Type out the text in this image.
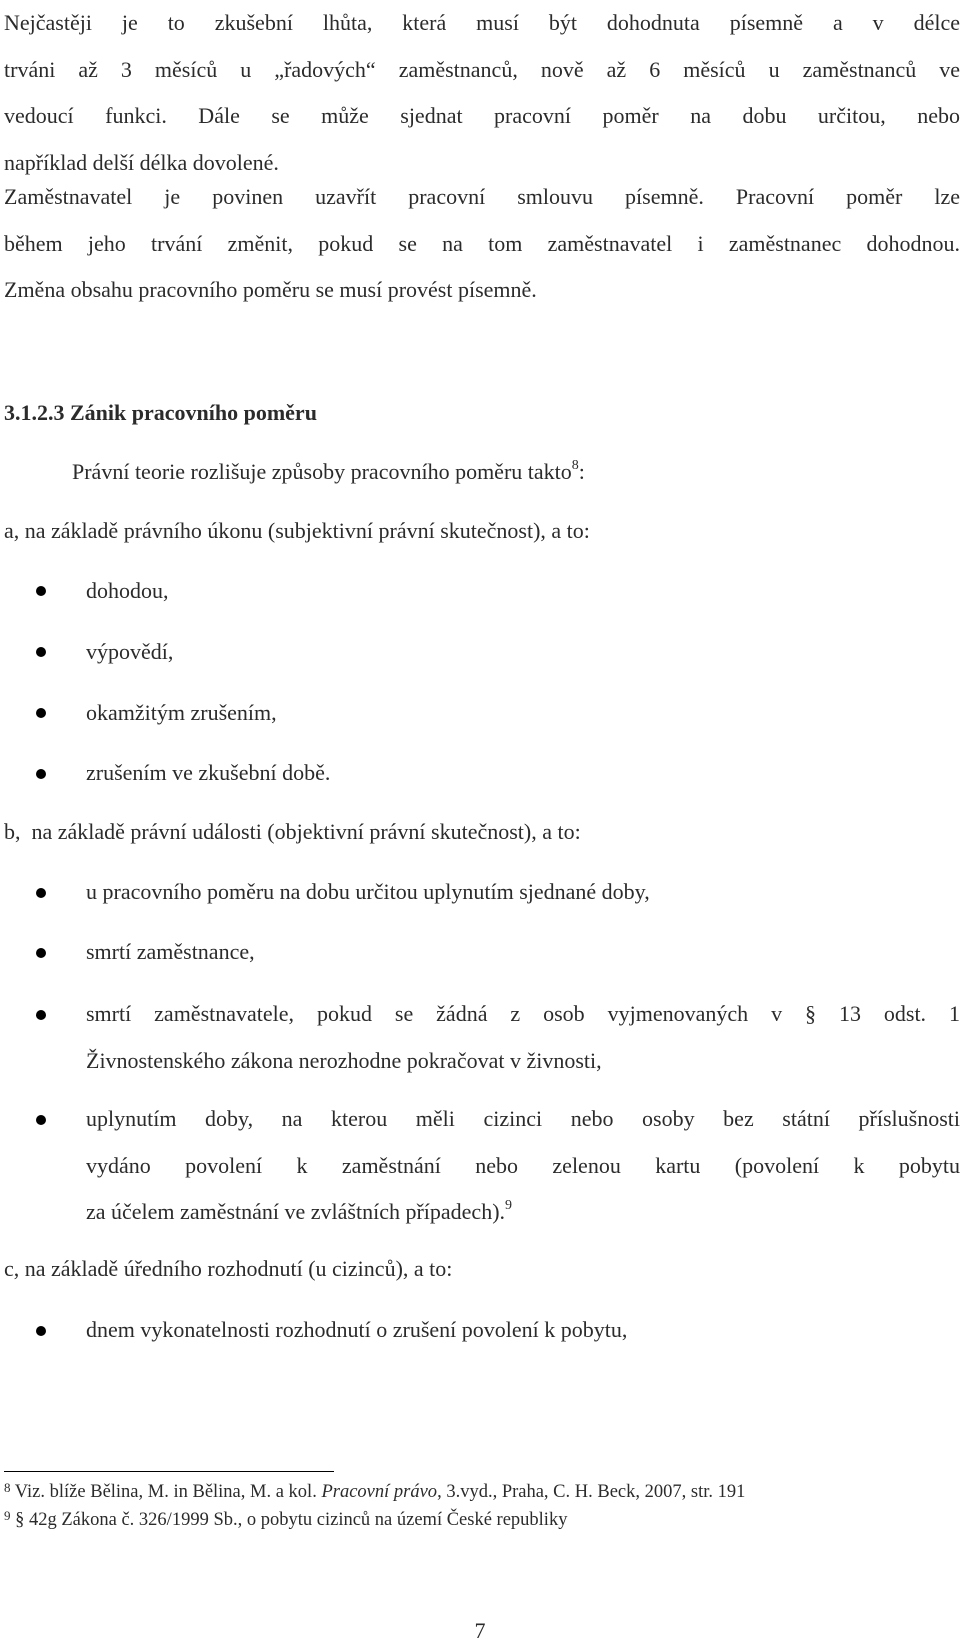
Nejčastěji je to zkušební lhůta, která musí být dohodnuta písemně a v délce
trváni až 3 měsíců u „řadových“ zaměstnanců, nově až 6 měsíců u zaměstnanců ve
vedoucí funkci. Dále se může sjednat pracovní poměr na dobu určitou, nebo
například delší délka dovolené.
Zaměstnavatel je povinen uzavřít pracovní smlouvu písemně. Pracovní poměr lze
během jeho trvání změnit, pokud se na tom zaměstnavatel i zaměstnanec dohodnou.
Změna obsahu pracovního poměru se musí provést písemně.
3.1.2.3 Zánik pracovního poměru
Právní teorie rozlišuje způsoby pracovního poměru takto$^8$:
a, na základě právního úkonu (subjektivní právní skutečnost), a to:
dohodou,
výpovědí,
okamžitým zrušením,
zrušením ve zkušební době.
b,  na základě právní události (objektivní právní skutečnost), a to:
u pracovního poměru na dobu určitou uplynutím sjednané doby,
smrtí zaměstnance,
smrtí zaměstnavatele, pokud se žádná z osob vyjmenovaných v § 13 odst. 1
Živnostenského zákona nerozhodne pokračovat v živnosti,
uplynutím doby, na kterou měli cizinci nebo osoby bez státní příslušnosti
vydáno povolení k zaměstnání nebo zelenou kartu (povolení k pobytu
za účelem zaměstnání ve zvláštních případech).$^9$
c, na základě úředního rozhodnutí (u cizinců), a to:
dnem vykonatelnosti rozhodnutí o zrušení povolení k pobytu,
$^8$ Viz. blíže Bělina, M. in Bělina, M. a kol. Pracovní právo, 3.vyd., Praha, C. H. Beck, 2007, str. 191
$^9$ § 42g Zákona č. 326/1999 Sb., o pobytu cizinců na území České republiky
7
